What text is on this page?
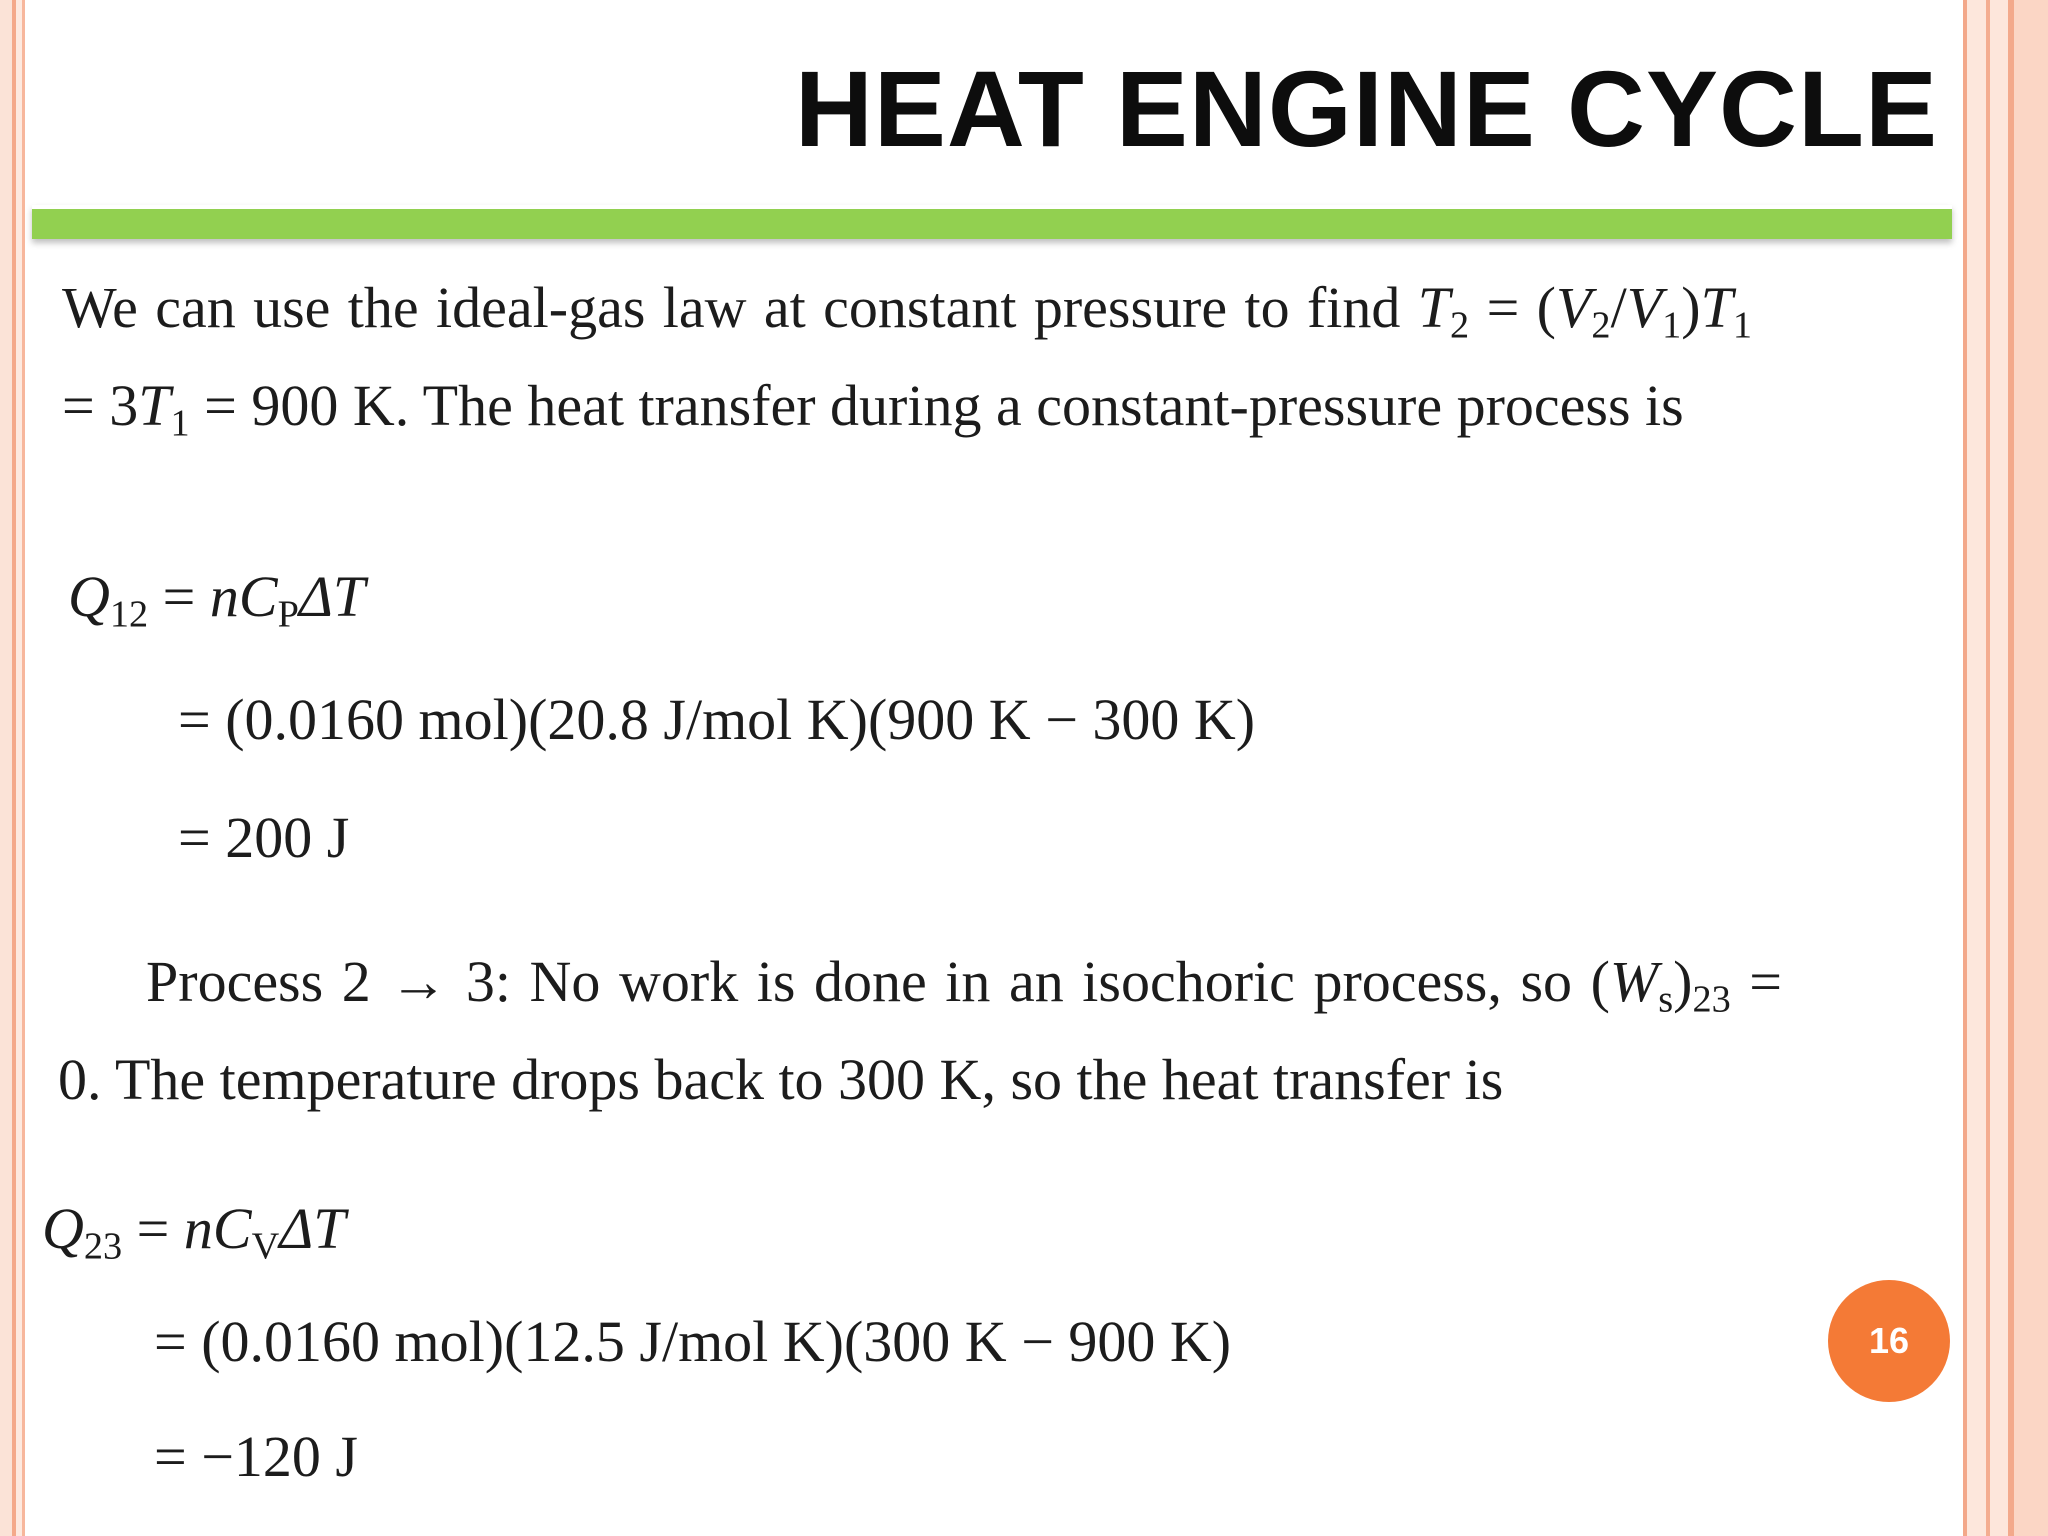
HEAT ENGINE CYCLE

We can use the ideal-gas law at constant pressure to find $T_2 = (V_2/V_1)T_1 = 3T_1 = 900$ K. The heat transfer during a constant-pressure process is

$Q_{12} = nC_P\Delta T$
= (0.0160 mol)(20.8 J/mol K)(900 K − 300 K)
= 200 J

Process 2 → 3: No work is done in an isochoric process, so $(W_s)_{23} = 0$. The temperature drops back to 300 K, so the heat transfer is

$Q_{23} = nC_V\Delta T$
= (0.0160 mol)(12.5 J/mol K)(300 K − 900 K)
= −120 J
16
